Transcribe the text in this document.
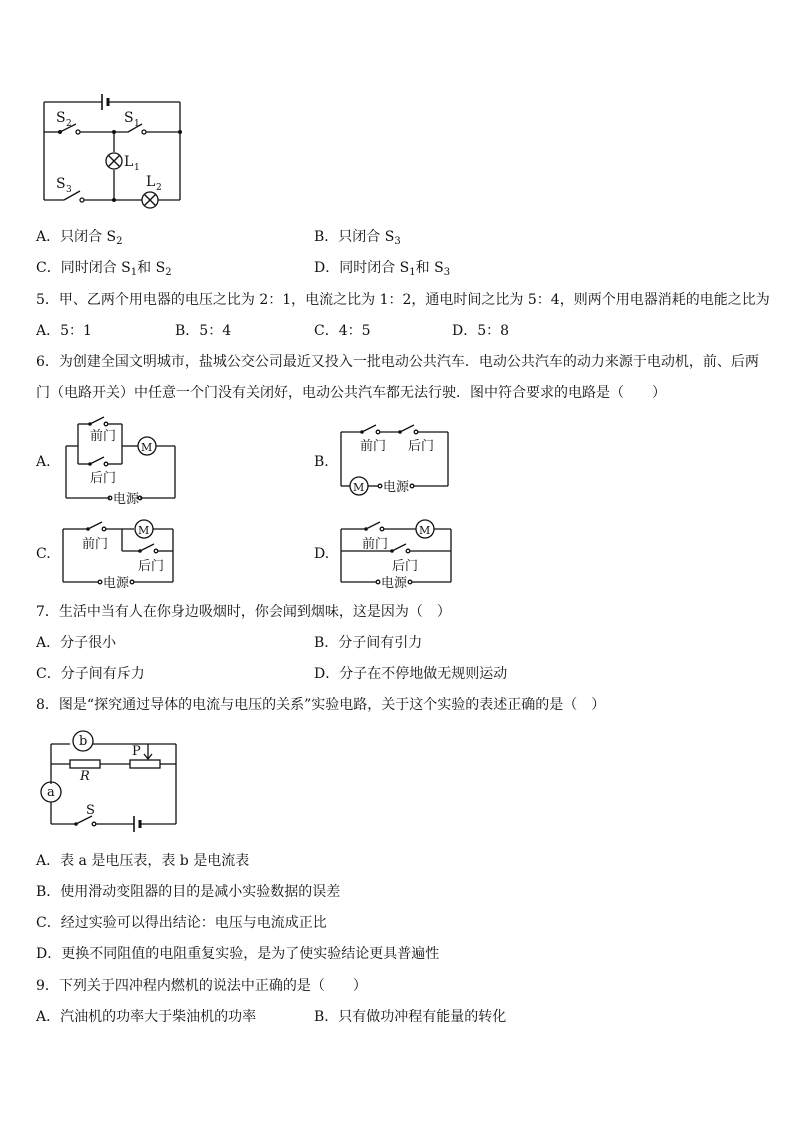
S 2	S 1
L 1
S 3	L 2
A．只闭合 $S_2$	B．只闭合 $S_3$
C．同时闭合 $S_1$和 $S_2$	D．同时闭合 $S_1$和 $S_3$
5．甲、乙两个用电器的电压之比为 2：1，电流之比为 1：2，通电时间之比为 5：4，则两个用电器消耗的电能之比为
A．5：1	B．5：4	C．4：5	D．5：8
6．为创建全国文明城市，盐城公交公司最近又投入一批电动公共汽车．电动公共汽车的动力来源于电动机，前、后两
门（电路开关）中任意一个门没有关闭好，电动公共汽车都无法行驶．图中符合要求的电路是（　　）
A.
前门
后门
电源
M
B.
前门 后门
电源
M
C.
前门
后门
电源
M
D.
前门
后门
电源
M
7．生活中当有人在你身边吸烟时，你会闻到烟味，这是因为（　）
A．分子很小	B．分子间有引力
C．分子间有斥力	D．分子在不停地做无规则运动
8．图是“探究通过导体的电流与电压的关系”实验电路，关于这个实验的表述正确的是（　）
a
b
P
R
S
A．表 a 是电压表，表 b 是电流表
B．使用滑动变阻器的目的是减小实验数据的误差
C．经过实验可以得出结论：电压与电流成正比
D．更换不同阻值的电阻重复实验，是为了使实验结论更具普遍性
9．下列关于四冲程内燃机的说法中正确的是（　　）
A．汽油机的功率大于柴油机的功率	B．只有做功冲程有能量的转化
